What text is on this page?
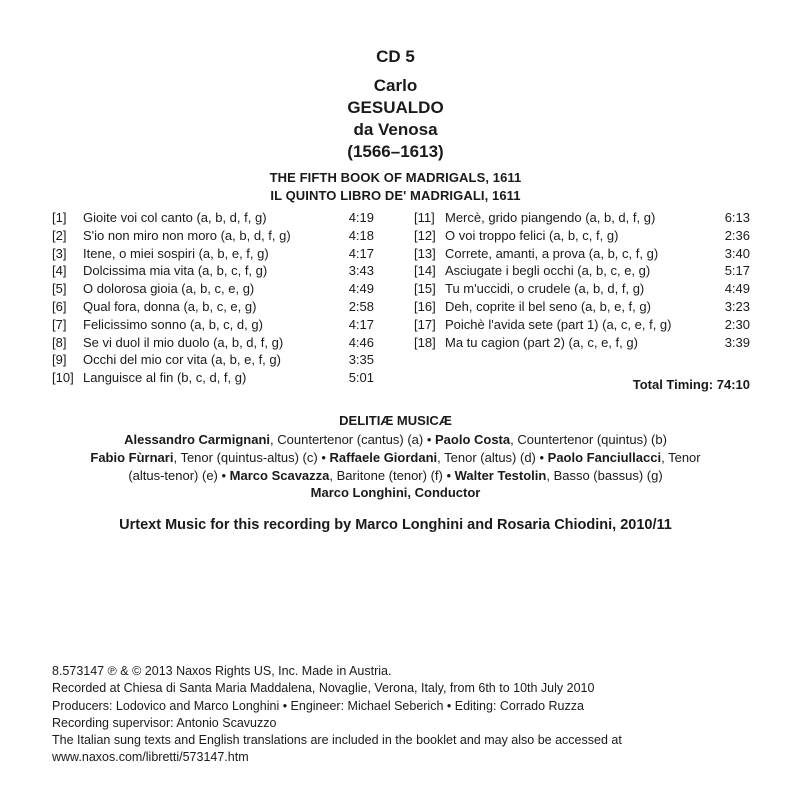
CD 5
Carlo
GESUALDO
da Venosa
(1566–1613)
THE FIFTH BOOK OF MADRIGALS, 1611
IL QUINTO LIBRO DE' MADRIGALI, 1611
[1] Gioite voi col canto (a, b, d, f, g)	4:19
[2] S'io non miro non moro (a, b, d, f, g)	4:18
[3] Itene, o miei sospiri (a, b, e, f, g)	4:17
[4] Dolcissima mia vita (a, b, c, f, g)	3:43
[5] O dolorosa gioia (a, b, c, e, g)	4:49
[6] Qual fora, donna (a, b, c, e, g)	2:58
[7] Felicissimo sonno (a, b, c, d, g)	4:17
[8] Se vi duol il mio duolo (a, b, d, f, g)	4:46
[9] Occhi del mio cor vita (a, b, e, f, g)	3:35
[10] Languisce al fin (b, c, d, f, g)	5:01
[11] Mercè, grido piangendo (a, b, d, f, g)	6:13
[12] O voi troppo felici (a, b, c, f, g)	2:36
[13] Correte, amanti, a prova (a, b, c, f, g)	3:40
[14] Asciugate i begli occhi (a, b, c, e, g)	5:17
[15] Tu m'uccidi, o crudele (a, b, d, f, g)	4:49
[16] Deh, coprite il bel seno (a, b, e, f, g)	3:23
[17] Poichè l'avida sete (part 1) (a, c, e, f, g)	2:30
[18] Ma tu cagion (part 2) (a, c, e, f, g)	3:39
Total Timing: 74:10
DELITIÆ MUSICÆ
Alessandro Carmignani, Countertenor (cantus) (a) • Paolo Costa, Countertenor (quintus) (b)
Fabio Fùrnari, Tenor (quintus-altus) (c) • Raffaele Giordani, Tenor (altus) (d) • Paolo Fanciullacci, Tenor
(altus-tenor) (e) • Marco Scavazza, Baritone (tenor) (f) • Walter Testolin, Basso (bassus) (g)
Marco Longhini, Conductor
Urtext Music for this recording by Marco Longhini and Rosaria Chiodini, 2010/11
8.573147 ℗ & © 2013 Naxos Rights US, Inc. Made in Austria.
Recorded at Chiesa di Santa Maria Maddalena, Novaglie, Verona, Italy, from 6th to 10th July 2010
Producers: Lodovico and Marco Longhini • Engineer: Michael Seberich • Editing: Corrado Ruzza
Recording supervisor: Antonio Scavuzzo
The Italian sung texts and English translations are included in the booklet and may also be accessed at
www.naxos.com/libretti/573147.htm
